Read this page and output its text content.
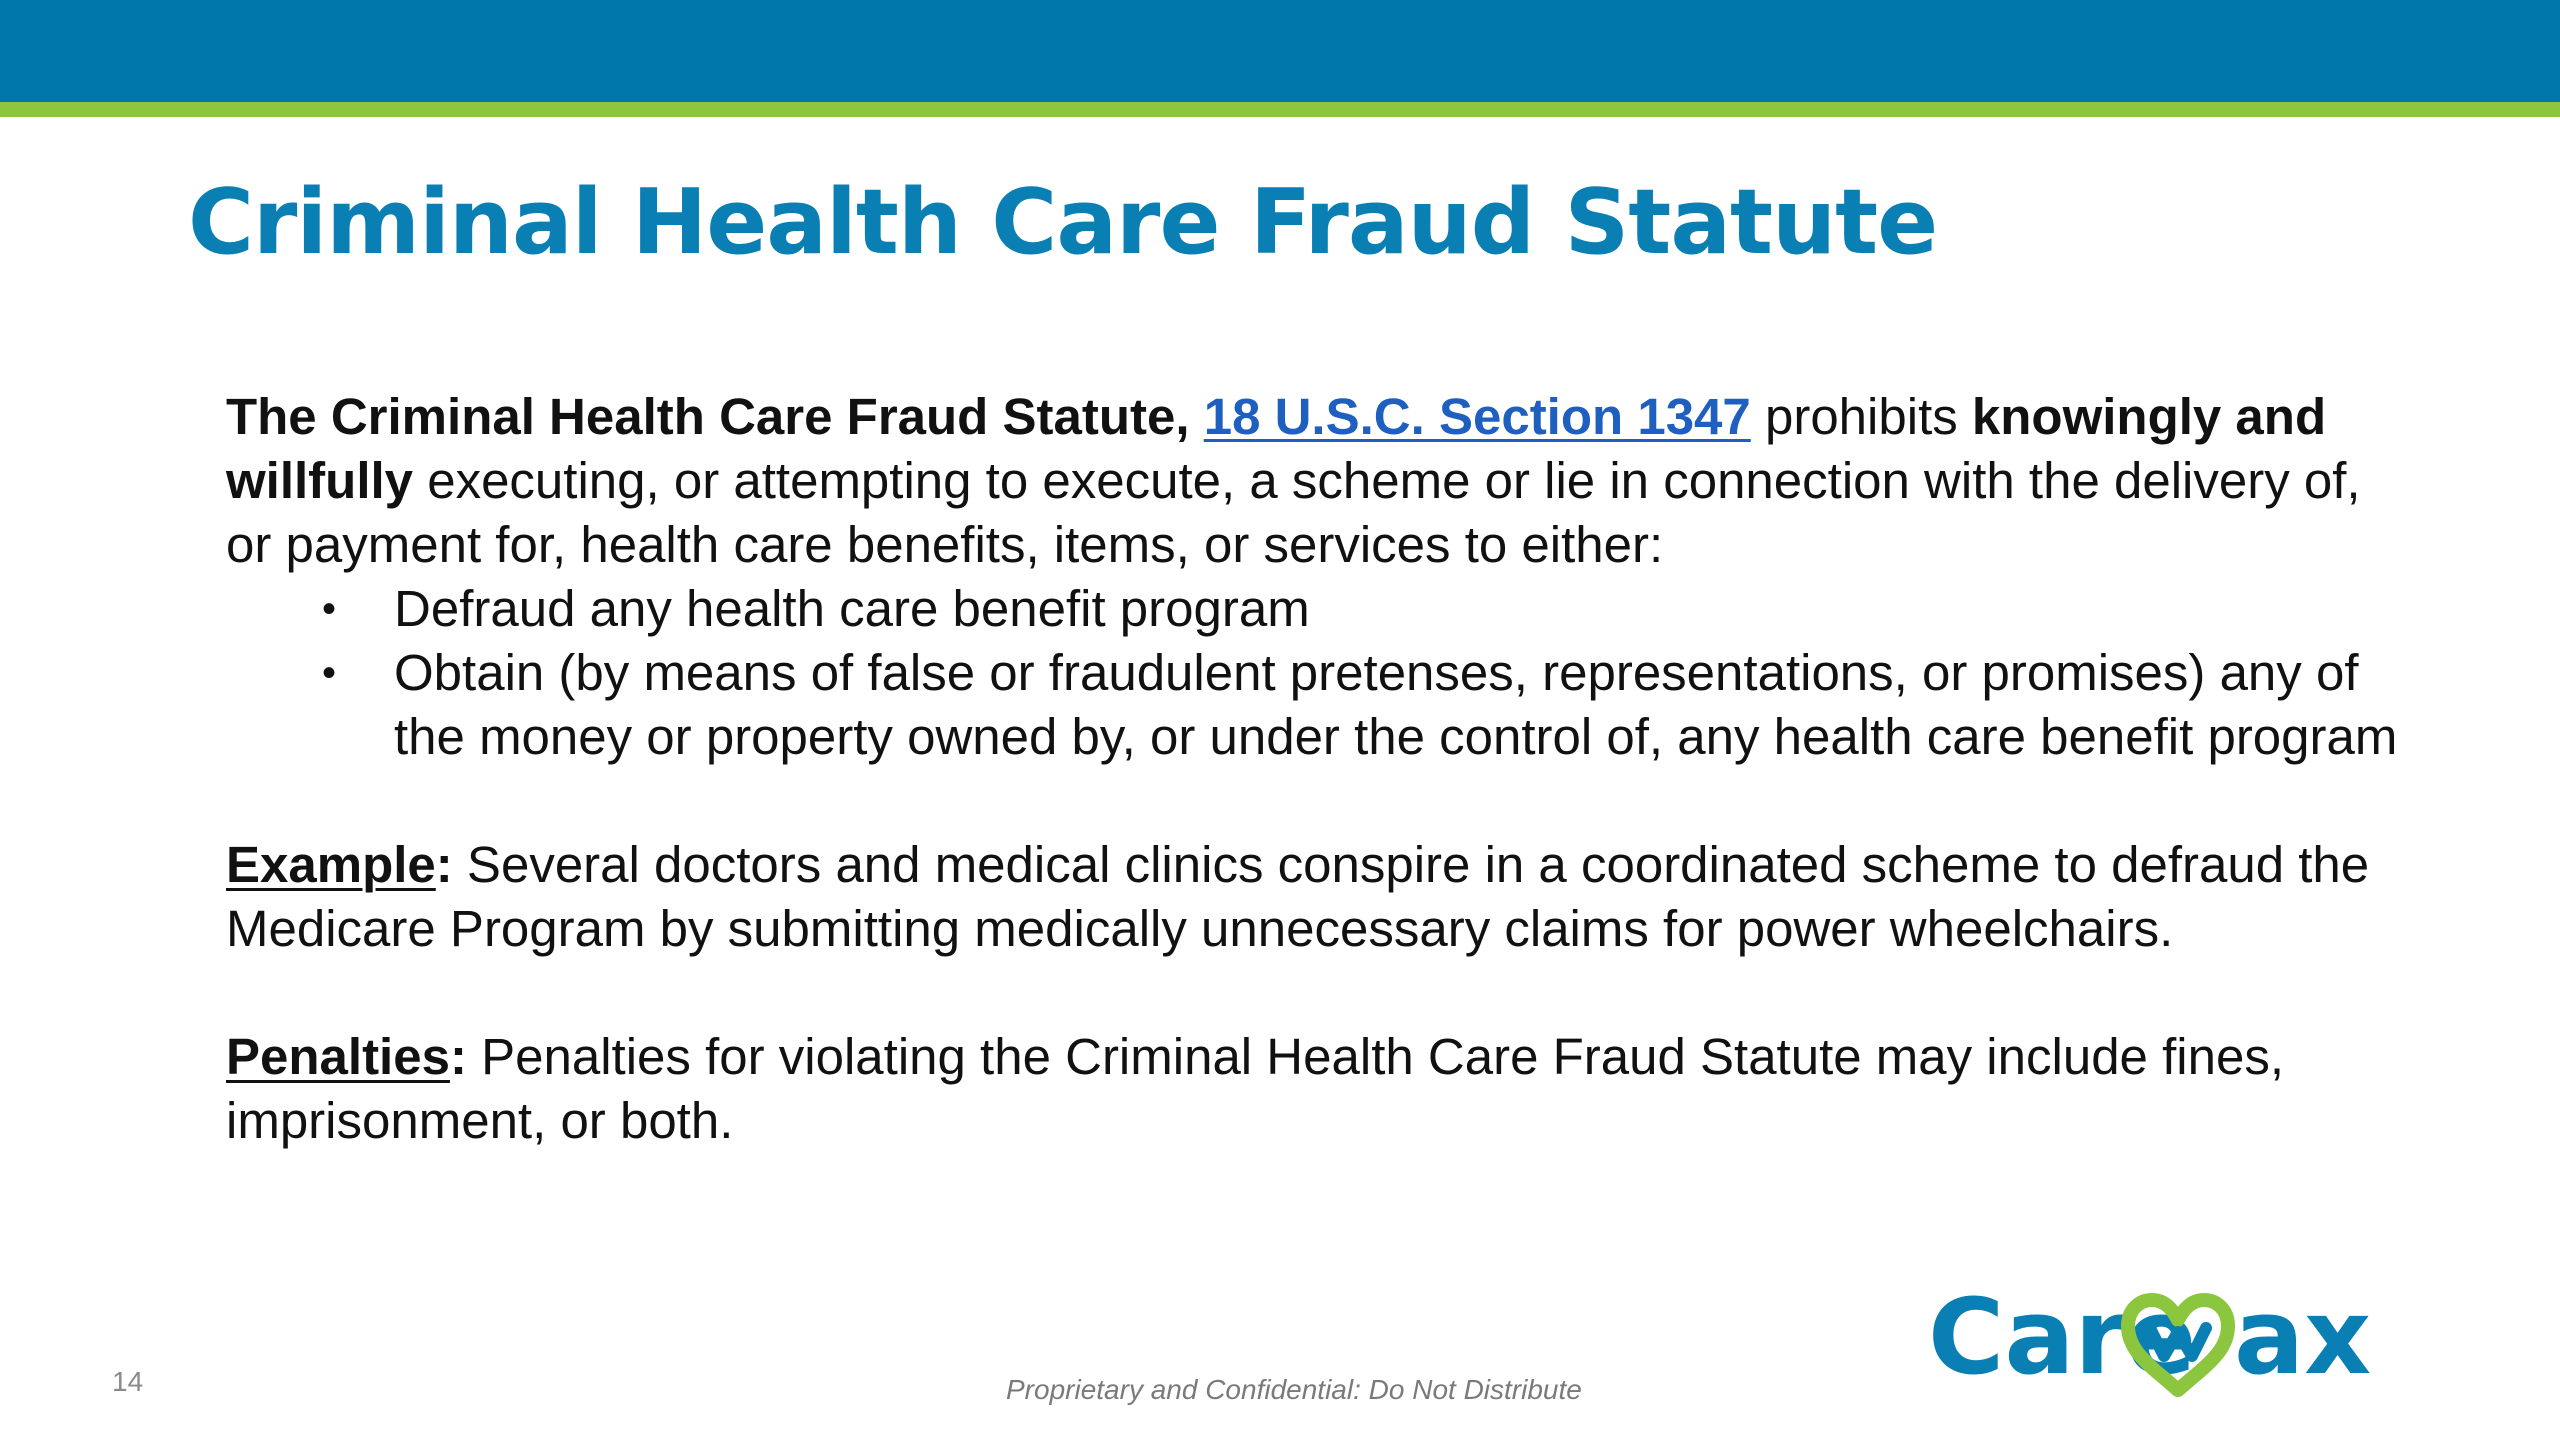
Criminal Health Care Fraud Statute

The Criminal Health Care Fraud Statute, 18 U.S.C. Section 1347 prohibits knowingly and willfully executing, or attempting to execute, a scheme or lie in connection with the delivery of, or payment for, health care benefits, items, or services to either:

• Defraud any health care benefit program
• Obtain (by means of false or fraudulent pretenses, representations, or promises) any of the money or property owned by, or under the control of, any health care benefit program

Example: Several doctors and medical clinics conspire in a coordinated scheme to defraud the Medicare Program by submitting medically unnecessary claims for power wheelchairs.

Penalties: Penalties for violating the Criminal Health Care Fraud Statute may include fines, imprisonment, or both.

14	Proprietary and Confidential: Do Not Distribute	Care ax
